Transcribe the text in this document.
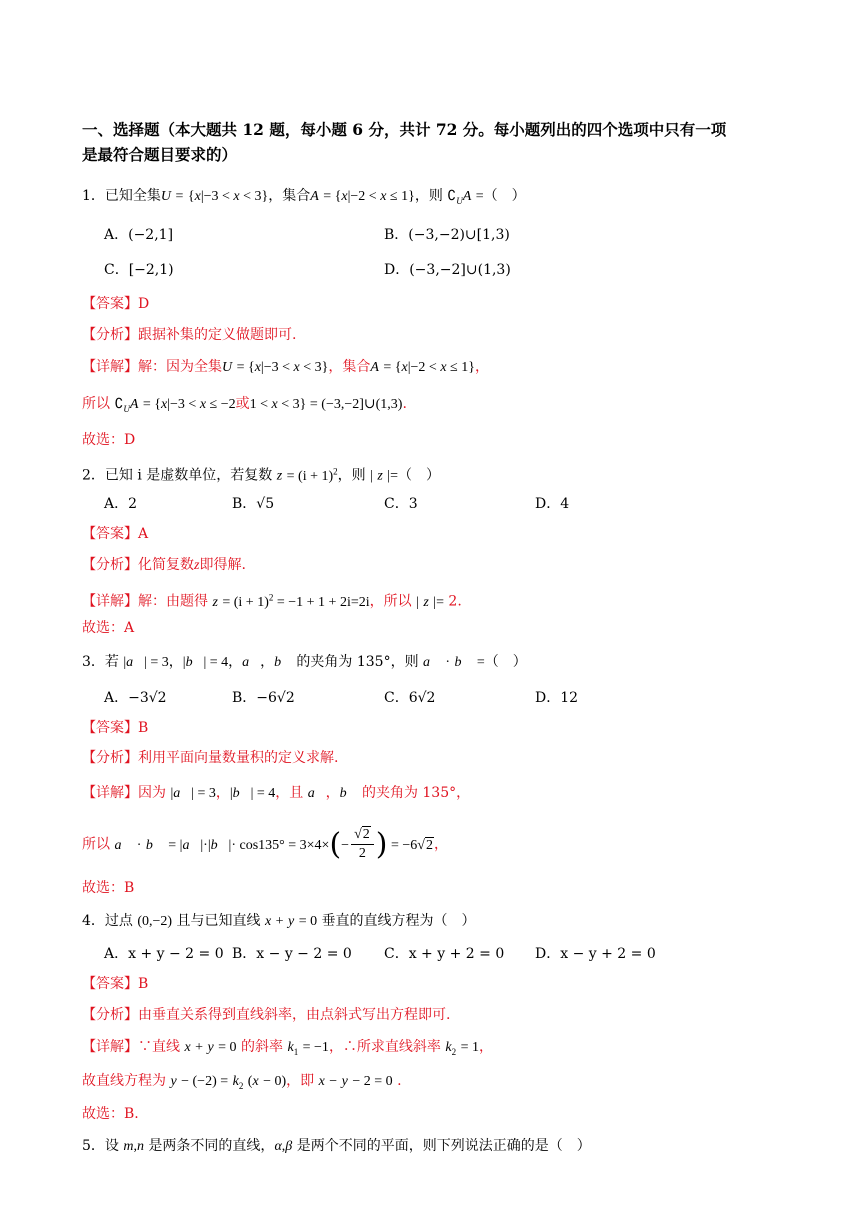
一、选择题（本大题共 12 题，每小题 6 分，共计 72 分。每小题列出的四个选项中只有一项
是最符合题目要求的）
1．已知全集U = {x|−3 < x < 3}，集合A = {x|−2 < x ≤ 1}，则 $∁_UA$ =（　）
A．(−2,1]	B．(−3,−2)∪[1,3)
C．[−2,1)	D．(−3,−2]∪(1,3)
【答案】D
【分析】跟据补集的定义做题即可.
【详解】解：因为全集U = {x|−3 < x < 3}，集合A = {x|−2 < x ≤ 1}，
所以 $∁_UA = \{x|-3 < x \le -2$或1 < x < 3} = (−3,−2]∪(1,3).
故选：D
2．已知 i 是虚数单位，若复数 $z = (i + 1)^2$，则 | z |=（　）
A．2	B．√5	C．3	D．4
【答案】A
【分析】化简复数z即得解.
【详解】解：由题得 $z = (i + 1)^2 = -1 + 1 + 2i=2i$，所以 | z |= 2.
故选：A
3．若 |a⃗| = 3，|b⃗| = 4，a⃗，b⃗ 的夹角为 135°，则 a⃗ · b⃗ =（　）
A．−3√2	B．−6√2	C．6√2	D．12
【答案】B
【分析】利用平面向量数量积的定义求解.
【详解】因为 |a⃗| = 3，|b⃗| = 4，且 a⃗，b⃗ 的夹角为 135°，
所以 a⃗ · b⃗ = |a⃗|·|b⃗|· $\cos 135^\circ = 3\times 4\times(- \frac{√2}{2}$ ) = −6√2，
故选：B
4．过点 (0,−2) 且与已知直线 x + y = 0 垂直的直线方程为（　）
A．x + y − 2 = 0 B．x − y − 2 = 0 C．x + y + 2 = 0 D．x − y + 2 = 0
【答案】B
【分析】由垂直关系得到直线斜率，由点斜式写出方程即可.
【详解】∵直线 x + y = 0 的斜率 $k_1 = -1$，∴所求直线斜率 $k_2 = 1$，
故直线方程为 $y - (-2) = k_2$ (x − 0)，即 x − y − 2 = 0 .
故选：B.
5．设 m,n 是两条不同的直线，α,β 是两个不同的平面，则下列说法正确的是（　）
